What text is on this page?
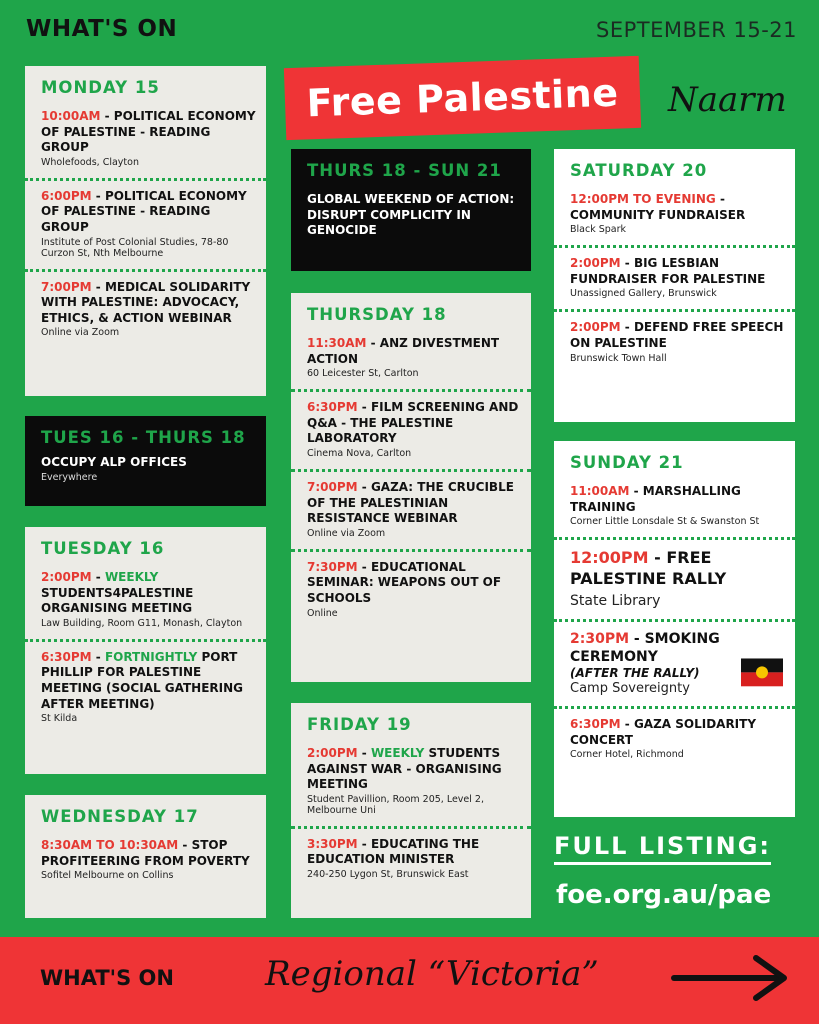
WHAT'S ON	SEPTEMBER 15-21
Free Palestine Naarm
MONDAY 15
10:00AM - POLITICAL ECONOMY OF PALESTINE - READING GROUP
Wholefoods, Clayton
6:00PM - POLITICAL ECONOMY OF PALESTINE - READING GROUP
Institute of Post Colonial Studies, 78-80 Curzon St, Nth Melbourne
7:00PM - MEDICAL SOLIDARITY WITH PALESTINE: ADVOCACY, ETHICS, & ACTION WEBINAR
Online via Zoom
TUES 16 - THURS 18
OCCUPY ALP OFFICES
Everywhere
TUESDAY 16
2:00PM - WEEKLY STUDENTS4PALESTINE ORGANISING MEETING
Law Building, Room G11, Monash, Clayton
6:30PM - FORTNIGHTLY PORT PHILLIP FOR PALESTINE MEETING (SOCIAL GATHERING AFTER MEETING)
St Kilda
WEDNESDAY 17
8:30AM TO 10:30AM - STOP PROFITEERING FROM POVERTY
Sofitel Melbourne on Collins
THURS 18 - SUN 21
GLOBAL WEEKEND OF ACTION: DISRUPT COMPLICITY IN GENOCIDE
THURSDAY 18
11:30AM - ANZ DIVESTMENT ACTION
60 Leicester St, Carlton
6:30PM - FILM SCREENING AND Q&A - THE PALESTINE LABORATORY
Cinema Nova, Carlton
7:00PM - GAZA: THE CRUCIBLE OF THE PALESTINIAN RESISTANCE WEBINAR
Online via Zoom
7:30PM - EDUCATIONAL SEMINAR: WEAPONS OUT OF SCHOOLS
Online
FRIDAY 19
2:00PM - WEEKLY STUDENTS AGAINST WAR - ORGANISING MEETING
Student Pavillion, Room 205, Level 2, Melbourne Uni
3:30PM - EDUCATING THE EDUCATION MINISTER
240-250 Lygon St, Brunswick East
SATURDAY 20
12:00PM TO EVENING - COMMUNITY FUNDRAISER
Black Spark
2:00PM - BIG LESBIAN FUNDRAISER FOR PALESTINE
Unassigned Gallery, Brunswick
2:00PM - DEFEND FREE SPEECH ON PALESTINE
Brunswick Town Hall
SUNDAY 21
11:00AM - MARSHALLING TRAINING
Corner Little Lonsdale St & Swanston St
12:00PM - FREE PALESTINE RALLY
State Library
2:30PM - SMOKING CEREMONY
(AFTER THE RALLY)
Camp Sovereignty
6:30PM - GAZA SOLIDARITY CONCERT
Corner Hotel, Richmond
FULL LISTING:
foe.org.au/pae
WHAT'S ON	Regional “Victoria”
